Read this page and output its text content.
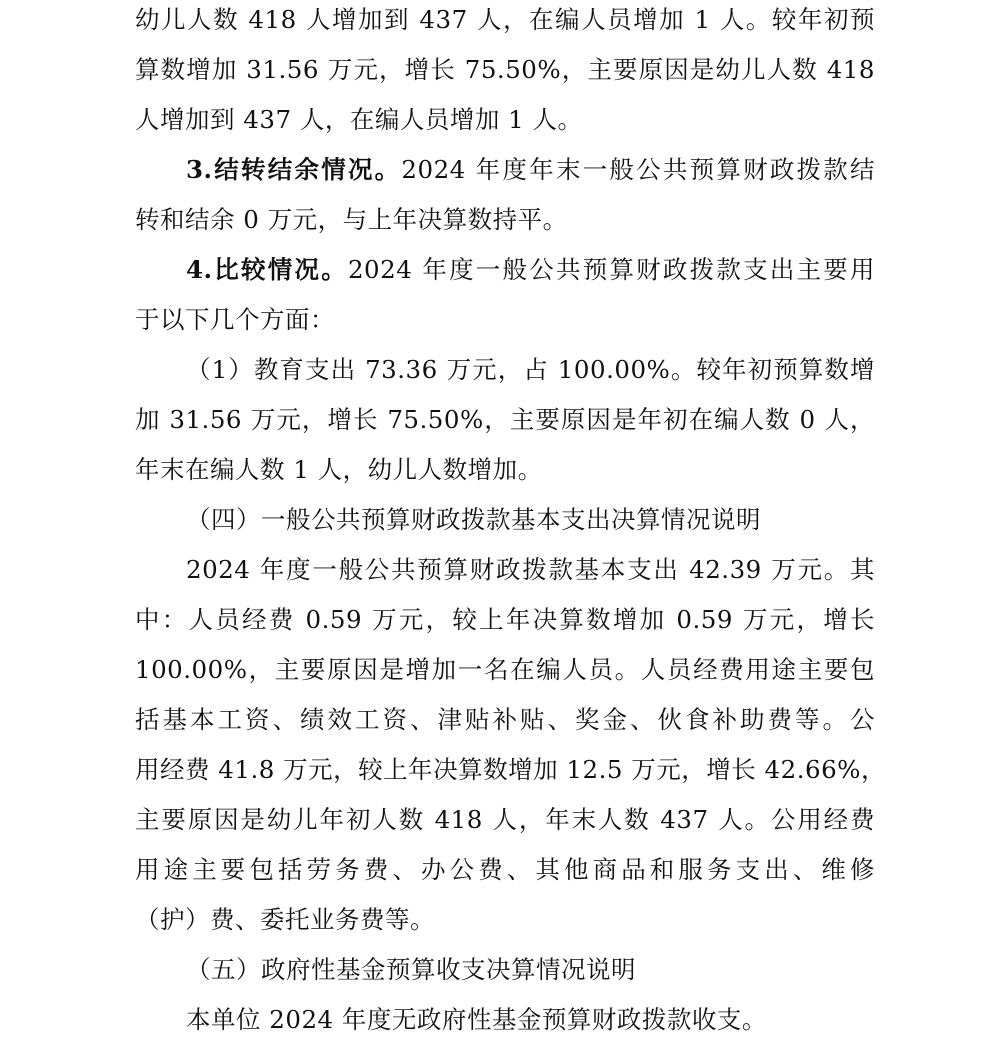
幼儿人数 418 人增加到 437 人，在编人员增加 1 人。较年初预
算数增加 31.56 万元，增长 75.50%，主要原因是幼儿人数 418
人增加到 437 人，在编人员增加 1 人。
3.结转结余情况。2024 年度年末一般公共预算财政拨款结
转和结余 0 万元，与上年决算数持平。
4.比较情况。2024 年度一般公共预算财政拨款支出主要用
于以下几个方面：
（1）教育支出 73.36 万元，占 100.00%。较年初预算数增
加 31.56 万元，增长 75.50%，主要原因是年初在编人数 0 人，
年末在编人数 1 人，幼儿人数增加。
（四）一般公共预算财政拨款基本支出决算情况说明
2024 年度一般公共预算财政拨款基本支出 42.39 万元。其
中：人员经费 0.59 万元，较上年决算数增加 0.59 万元，增长
100.00%，主要原因是增加一名在编人员。人员经费用途主要包
括基本工资、绩效工资、津贴补贴、奖金、伙食补助费等。公
用经费 41.8 万元，较上年决算数增加 12.5 万元，增长 42.66%，
主要原因是幼儿年初人数 418 人，年末人数 437 人。公用经费
用途主要包括劳务费、办公费、其他商品和服务支出、维修
（护）费、委托业务费等。
（五）政府性基金预算收支决算情况说明
本单位 2024 年度无政府性基金预算财政拨款收支。
